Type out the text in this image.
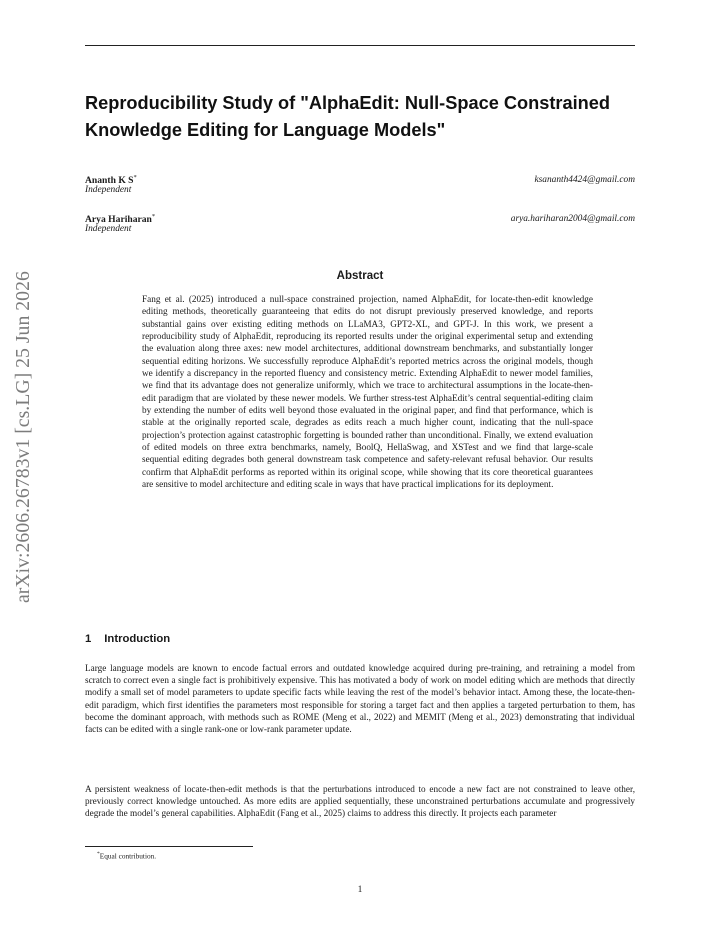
Reproducibility Study of "AlphaEdit: Null-Space Constrained Knowledge Editing for Language Models"
Ananth K S*
Independent
ksananth4424@gmail.com
Arya Hariharan*
Independent
arya.hariharan2004@gmail.com
arXiv:2606.26783v1 [cs.LG] 25 Jun 2026	Abstract

Fang et al. (2025) introduced a null-space constrained projection, named AlphaEdit, for locate-then-edit knowledge editing methods, theoretically guaranteeing that edits do not disrupt previously preserved knowledge, and reports substantial gains over existing editing methods on LLaMA3, GPT2-XL, and GPT-J. In this work, we present a reproducibility study of AlphaEdit, reproducing its reported results under the original experimental setup and extending the evaluation along three axes: new model architectures, additional downstream benchmarks, and substantially longer sequential editing horizons. We successfully reproduce AlphaEdit’s reported metrics across the original models, though we identify a discrepancy in the reported fluency and consistency metric. Extending AlphaEdit to newer model families, we find that its advantage does not generalize uniformly, which we trace to architectural assumptions in the locate-then-edit paradigm that are violated by these newer models. We further stress-test AlphaEdit’s central sequential-editing claim by extending the number of edits well beyond those evaluated in the original paper, and find that performance, which is stable at the originally reported scale, degrades as edits reach a much higher count, indicating that the null-space projection’s protection against catastrophic forgetting is bounded rather than unconditional. Finally, we extend evaluation of edited models on three extra benchmarks, namely, BoolQ, HellaSwag, and XSTest and we find that large-scale sequential editing degrades both general downstream task competence and safety-relevant refusal behavior. Our results confirm that AlphaEdit performs as reported within its original scope, while showing that its core theoretical guarantees are sensitive to model architecture and editing scale in ways that have practical implications for its deployment.

1 Introduction

Large language models are known to encode factual errors and outdated knowledge acquired during pre-training, and retraining a model from scratch to correct even a single fact is prohibitively expensive. This has motivated a body of work on model editing which are methods that directly modify a small set of model parameters to update specific facts while leaving the rest of the model’s behavior intact. Among these, the locate-then-edit paradigm, which first identifies the parameters most responsible for storing a target fact and then applies a targeted perturbation to them, has become the dominant approach, with methods such as ROME (Meng et al., 2022) and MEMIT (Meng et al., 2023) demonstrating that individual facts can be edited with a single rank-one or low-rank parameter update.

A persistent weakness of locate-then-edit methods is that the perturbations introduced to encode a new fact are not constrained to leave other, previously correct knowledge untouched. As more edits are applied sequentially, these unconstrained perturbations accumulate and progressively degrade the model’s general capabilities. AlphaEdit (Fang et al., 2025) claims to address this directly. It projects each parameter

*Equal contribution.
1
